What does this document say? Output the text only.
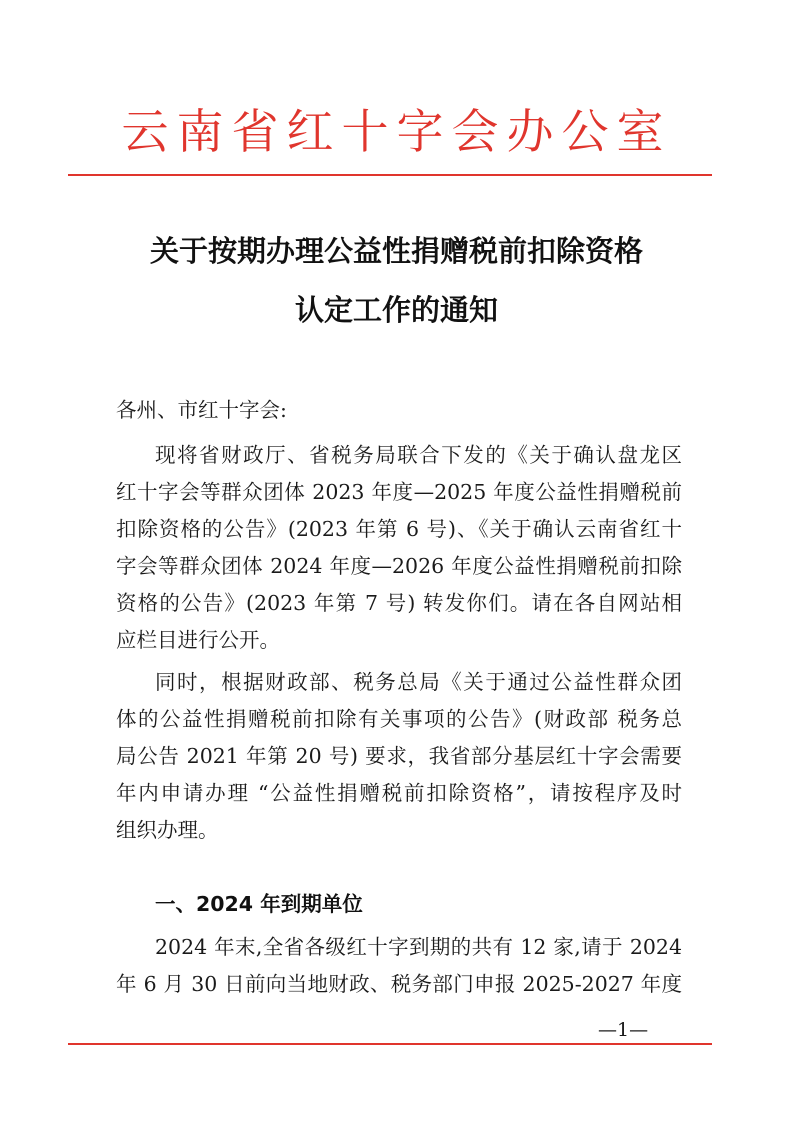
云南省红十字会办公室
关于按期办理公益性捐赠税前扣除资格
认定工作的通知
各州、市红十字会:
现将省财政厅、省税务局联合下发的《关于确认盘龙区
红十字会等群众团体 2023 年度—2025 年度公益性捐赠税前
扣除资格的公告》(2023 年第 6 号)、《关于确认云南省红十
字会等群众团体 2024 年度—2026 年度公益性捐赠税前扣除
资格的公告》(2023 年第 7 号) 转发你们。请在各自网站相
应栏目进行公开。
同时，根据财政部、税务总局《关于通过公益性群众团
体的公益性捐赠税前扣除有关事项的公告》(财政部 税务总
局公告 2021 年第 20 号) 要求，我省部分基层红十字会需要
年内申请办理 “公益性捐赠税前扣除资格”，请按程序及时
组织办理。
一、2024 年到期单位
2024 年末,全省各级红十字到期的共有 12 家,请于 2024
年 6 月 30 日前向当地财政、税务部门申报 2025-2027 年度
—1—
